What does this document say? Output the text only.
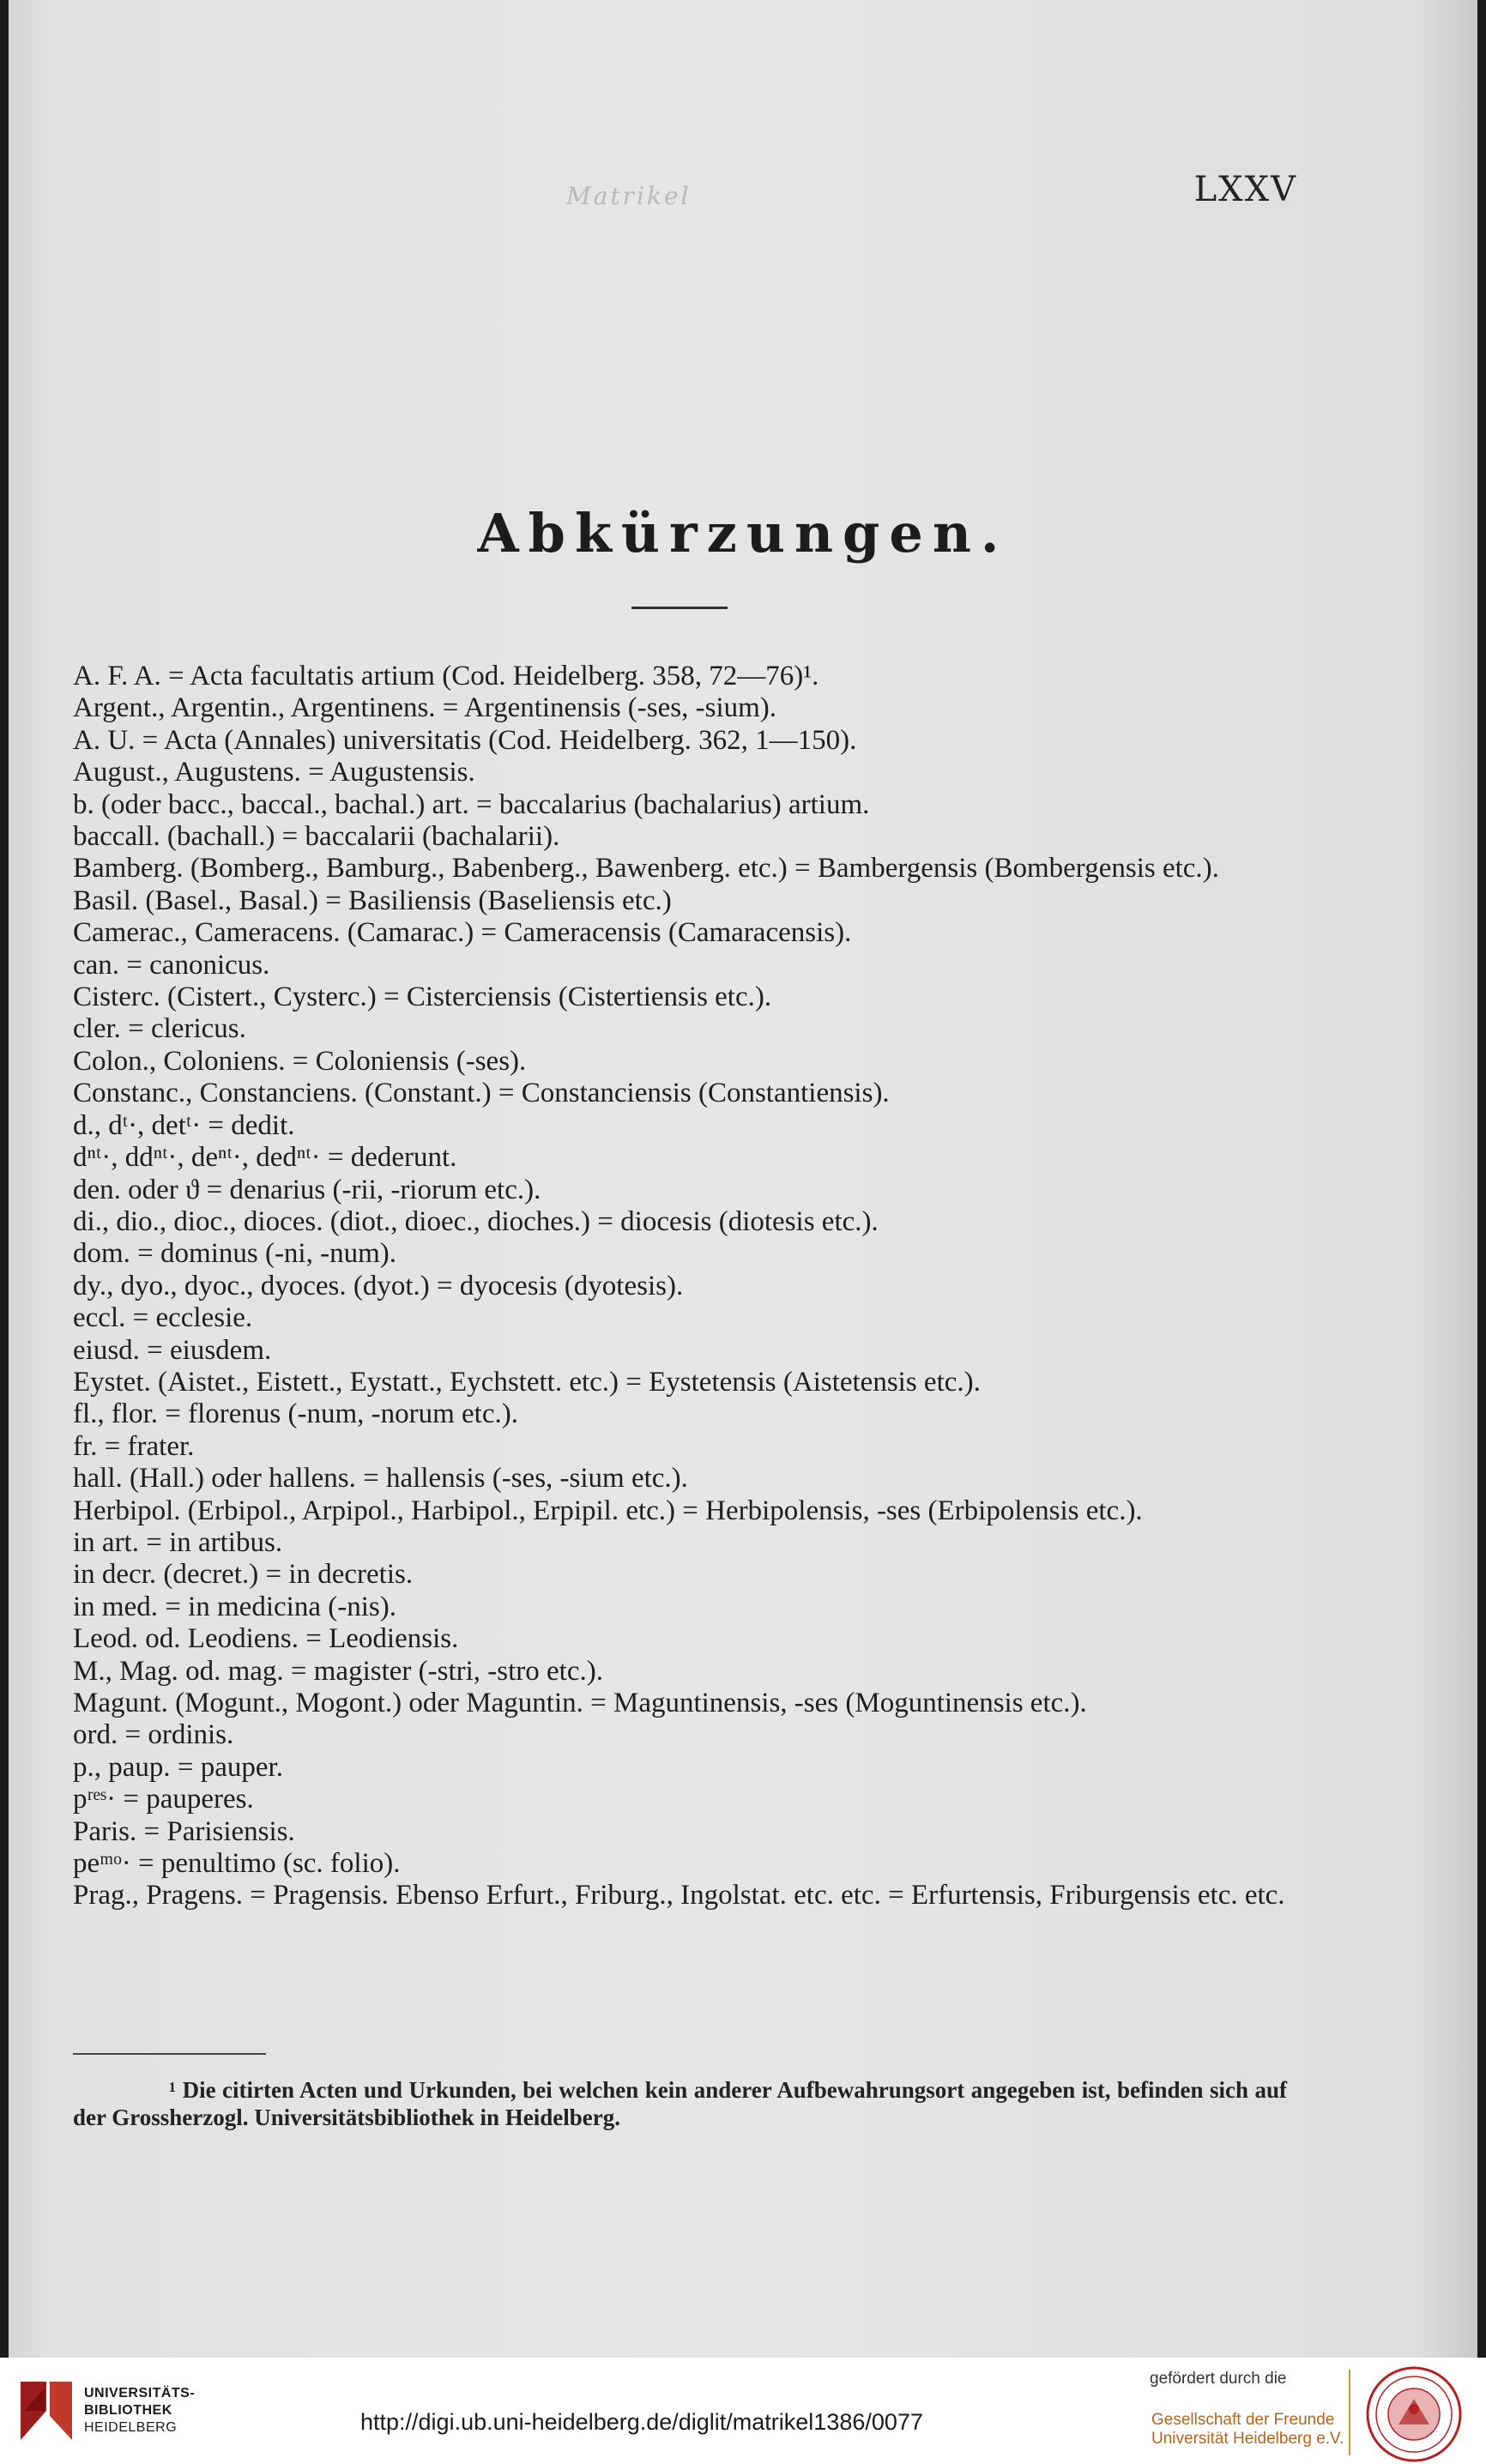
Matrikel	LXXV
Abkürzungen.
A. F. A. = Acta facultatis artium (Cod. Heidelberg. 358, 72—76)¹.
Argent., Argentin., Argentinens. = Argentinensis (-ses, -sium).
A. U. = Acta (Annales) universitatis (Cod. Heidelberg. 362, 1—150).
August., Augustens. = Augustensis.
b. (oder bacc., baccal., bachal.) art. = baccalarius (bachalarius) artium.
baccall. (bachall.) = baccalarii (bachalarii).
Bamberg. (Bomberg., Bamburg., Babenberg., Bawenberg. etc.) = Bambergensis (Bombergensis etc.).
Basil. (Basel., Basal.) = Basiliensis (Baseliensis etc.)
Camerac., Cameracens. (Camarac.) = Cameracensis (Camaracensis).
can. = canonicus.
Cisterc. (Cistert., Cysterc.) = Cisterciensis (Cistertiensis etc.).
cler. = clericus.
Colon., Coloniens. = Coloniensis (-ses).
Constanc., Constanciens. (Constant.) = Constanciensis (Constantiensis).
d., dᵗ·, detᵗ· = dedit.
dⁿᵗ·, ddⁿᵗ·, deⁿᵗ·, dedⁿᵗ· = dederunt.
den. oder ϑ = denarius (-rii, -riorum etc.).
di., dio., dioc., dioces. (diot., dioec., dioches.) = diocesis (diotesis etc.).
dom. = dominus (-ni, -num).
dy., dyo., dyoc., dyoces. (dyot.) = dyocesis (dyotesis).
eccl. = ecclesie.
eiusd. = eiusdem.
Eystet. (Aistet., Eistett., Eystatt., Eychstett. etc.) = Eystetensis (Aistetensis etc.).
fl., flor. = florenus (-num, -norum etc.).
fr. = frater.
hall. (Hall.) oder hallens. = hallensis (-ses, -sium etc.).
Herbipol. (Erbipol., Arpipol., Harbipol., Erpipil. etc.) = Herbipolensis, -ses (Erbipolensis etc.).
in art. = in artibus.
in decr. (decret.) = in decretis.
in med. = in medicina (-nis).
Leod. od. Leodiens. = Leodiensis.
M., Mag. od. mag. = magister (-stri, -stro etc.).
Magunt. (Mogunt., Mogont.) oder Maguntin. = Maguntinensis, -ses (Moguntinensis etc.).
ord. = ordinis.
p., paup. = pauper.
pʳᵉˢ· = pauperes.
Paris. = Parisiensis.
peᵐᵒ· = penultimo (sc. folio).
Prag., Pragens. = Pragensis. Ebenso Erfurt., Friburg., Ingolstat. etc. etc. = Erfurtensis, Friburgensis etc. etc.
¹ Die citirten Acten und Urkunden, bei welchen kein anderer Aufbewahrungsort angegeben ist, befinden sich auf der Grossherzogl. Universitätsbibliothek in Heidelberg.
UNIVERSITÄTS-
BIBLIOTHEK
HEIDELBERG	http://digi.ub.uni-heidelberg.de/diglit/matrikel1386/0077
gefördert durch die
Gesellschaft der Freunde
Universität Heidelberg e.V.
